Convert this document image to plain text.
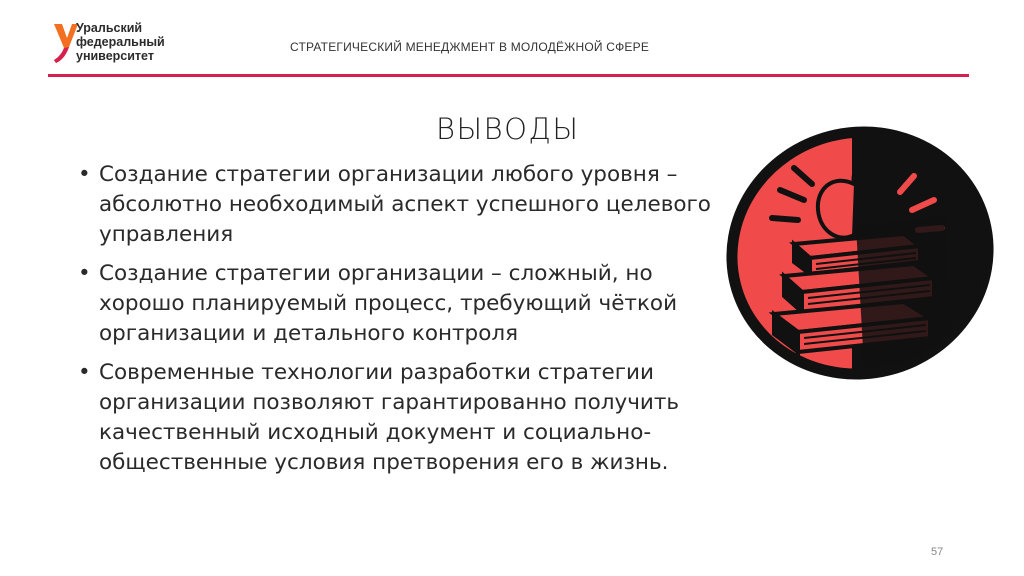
Уральский
федеральный
университет
СТРАТЕГИЧЕСКИЙ МЕНЕДЖМЕНТ В МОЛОДЁЖНОЙ СФЕРЕ
ВЫВОДЫ
• Создание стратегии организации любого уровня – абсолютно необходимый аспект успешного целевого управления
• Создание стратегии организации – сложный, но хорошо планируемый процесс, требующий чёткой организации и детального контроля
• Современные технологии разработки стратегии организации позволяют гарантированно получить качественный исходный документ и социально-общественные условия претворения его в жизнь.
57
